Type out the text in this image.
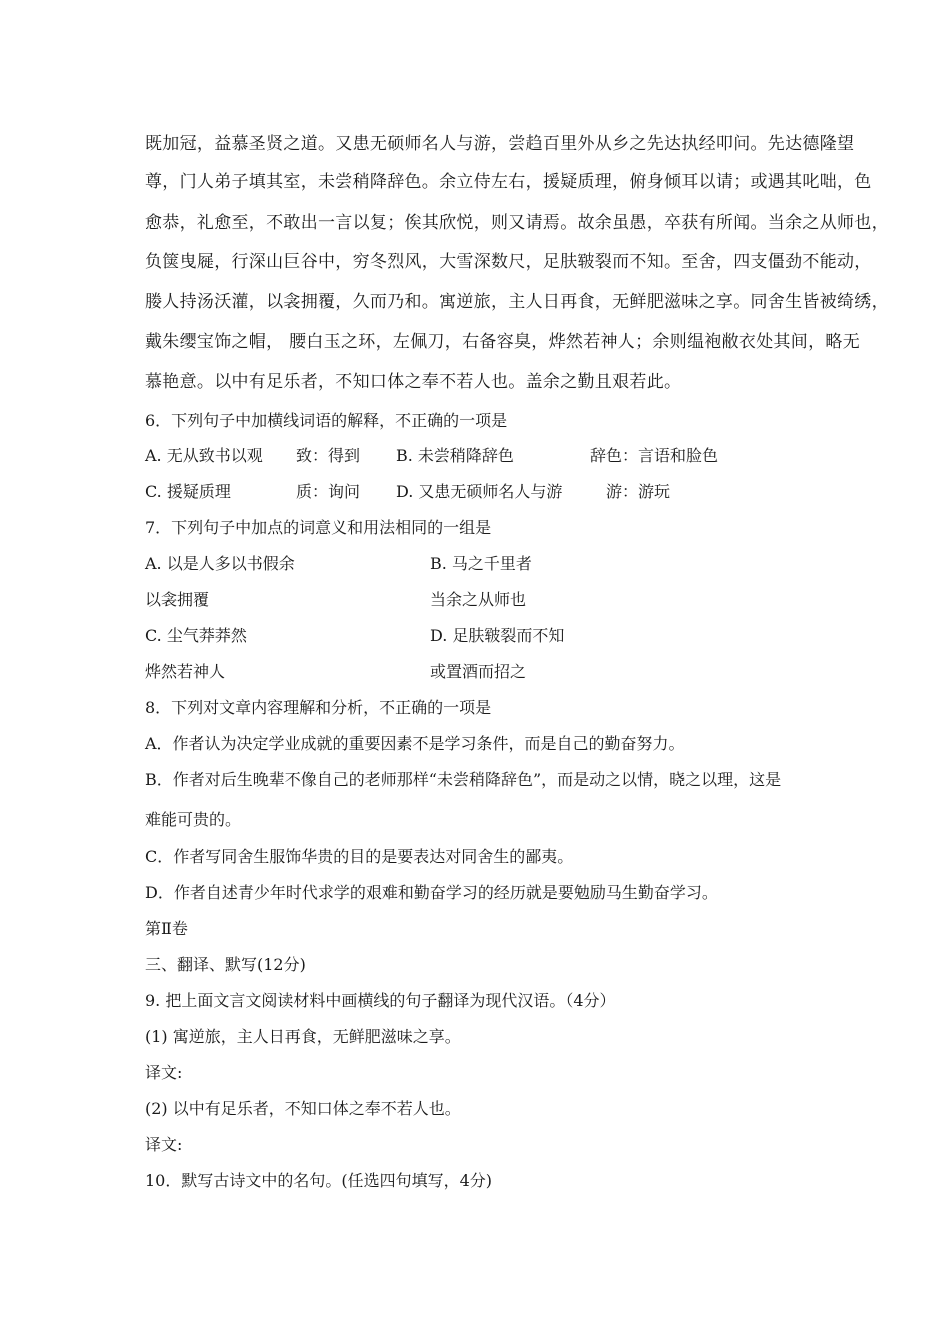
既加冠，益慕圣贤之道。又患无硕师名人与游，尝趋百里外从乡之先达执经叩问。先达德隆望
尊，门人弟子填其室，未尝稍降辞色。余立侍左右，援疑质理，俯身倾耳以请；或遇其叱咄，色
愈恭，礼愈至，不敢出一言以复；俟其欣悦，则又请焉。故余虽愚，卒获有所闻。当余之从师也，
负箧曳屣，行深山巨谷中，穷冬烈风，大雪深数尺，足肤皲裂而不知。至舍，四支僵劲不能动，
媵人持汤沃灌，以衾拥覆，久而乃和。寓逆旅，主人日再食，无鲜肥滋味之享。同舍生皆被绮绣，
戴朱缨宝饰之帽， 腰白玉之环，左佩刀，右备容臭，烨然若神人；余则缊袍敝衣处其间，略无
慕艳意。以中有足乐者，不知口体之奉不若人也。盖余之勤且艰若此。
6．下列句子中加横线词语的解释，不正确的一项是
A. 无从致书以观 致：得到 B. 未尝稍降辞色	辞色：言语和脸色
C. 援疑质理	质：询问 D. 又患无硕师名人与游	游：游玩
7．下列句子中加点的词意义和用法相同的一组是
A. 以是人多以书假余	B. 马之千里者
以衾拥覆	当余之从师也
C. 尘气莽莽然	D. 足肤皲裂而不知
烨然若神人	或置酒而招之
8．下列对文章内容理解和分析，不正确的一项是
A．作者认为决定学业成就的重要因素不是学习条件，而是自己的勤奋努力。
B．作者对后生晚辈不像自己的老师那样“未尝稍降辞色”，而是动之以情，晓之以理，这是
难能可贵的。
C．作者写同舍生服饰华贵的目的是要表达对同舍生的鄙夷。
D．作者自述青少年时代求学的艰难和勤奋学习的经历就是要勉励马生勤奋学习。
第Ⅱ卷
三、翻译、默写(12分)
9. 把上面文言文阅读材料中画横线的句子翻译为现代汉语。（4分）
(1) 寓逆旅，主人日再食，无鲜肥滋味之享。
译文:
(2) 以中有足乐者，不知口体之奉不若人也。
译文:
10．默写古诗文中的名句。(任选四句填写，4分)
